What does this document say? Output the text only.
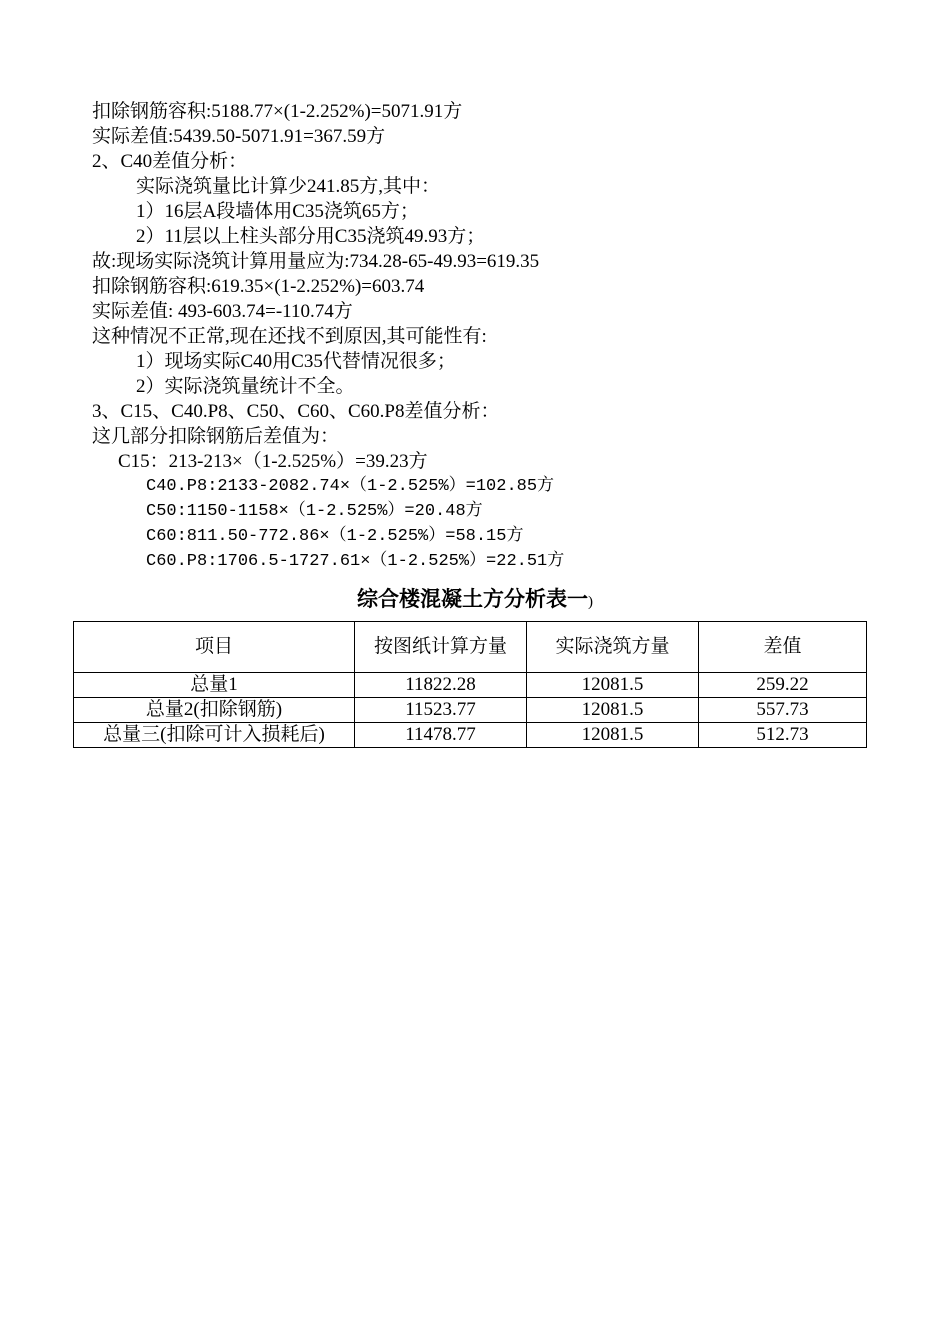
扣除钢筋容积:5188.77×(1-2.252%)=5071.91方
实际差值:5439.50-5071.91=367.59方
2、C40差值分析：
实际浇筑量比计算少241.85方,其中：
1）16层A段墙体用C35浇筑65方；
2）11层以上柱头部分用C35浇筑49.93方；
故:现场实际浇筑计算用量应为:734.28-65-49.93=619.35
扣除钢筋容积:619.35×(1-2.252%)=603.74
实际差值: 493-603.74=-110.74方
这种情况不正常,现在还找不到原因,其可能性有:
1）现场实际C40用C35代替情况很多；
2）实际浇筑量统计不全。
3、C15、C40.P8、C50、C60、C60.P8差值分析：
这几部分扣除钢筋后差值为：
C15：213-213×（1-2.525%）=39.23方
C40.P8:2133-2082.74×（1-2.525%）=102.85方
C50:1150-1158×（1-2.525%）=20.48方
C60:811.50-772.86×（1-2.525%）=58.15方
C60.P8:1706.5-1727.61×（1-2.525%）=22.51方
综合楼混凝土方分析表一)
项目	按图纸计算方量	实际浇筑方量	差值
总量1	11822.28	12081.5	259.22
总量2(扣除钢筋)	11523.77	12081.5	557.73
总量三(扣除可计入损耗后)	11478.77	12081.5	512.73
